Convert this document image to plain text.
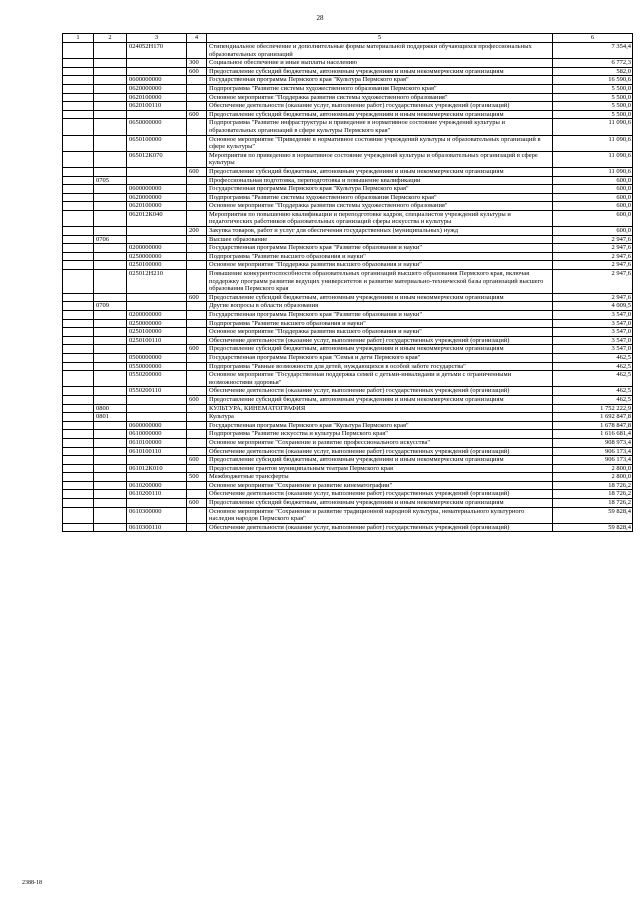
28
1	2	3	4	5	6
		024052Н170		Стипендиальное обеспечение и дополнительные формы материальной поддержки обучающихся профессиональных образовательных организаций	7 354,4
			300	Социальное обеспечение и иные выплаты населению	6 772,3
			600	Предоставление субсидий бюджетным, автономным учреждениям и иным некоммерческим организациям	582,0
		0600000000		Государственная программа Пермского края "Культура Пермского края"	16 590,6
		0620000000		Подпрограмма "Развитие системы художественного образования Пермского края"	5 500,0
		0620100000		Основное мероприятие "Поддержка развития системы художественного образования"	5 500,0
		0620100110		Обеспечение деятельности (оказание услуг, выполнение работ) государственных учреждений (организаций)	5 500,0
			600	Предоставление субсидий бюджетным, автономным учреждениям и иным некоммерческим организациям	5 500,0
		0650000000		Подпрограмма "Развитие инфраструктуры и приведение в нормативное состояние учреждений культуры и образовательных организаций в сфере культуры Пермского края"	11 090,6
		0650100000		Основное мероприятие "Приведение в нормативное состояние учреждений культуры и образовательных организаций в сфере культуры"	11 090,6
		065012К070		Мероприятия по приведению в нормативное состояние учреждений культуры и образовательных организаций в сфере культуры	11 090,6
			600	Предоставление субсидий бюджетным, автономным учреждениям и иным некоммерческим организациям	11 090,6
	0705			Профессиональная подготовка, переподготовка и повышение квалификации	600,0
		0600000000		Государственная программа Пермского края "Культура Пермского края"	600,0
		0620000000		Подпрограмма "Развитие системы художественного образования Пермского края"	600,0
		0620100000		Основное мероприятие "Поддержка развития системы художественного образования"	600,0
		062012К040		Мероприятия по повышению квалификации и переподготовке кадров, специалистов учреждений культуры и педагогических работников образовательных организаций сферы искусства и культуры	600,0
			200	Закупка товаров, работ и услуг для обеспечения государственных (муниципальных) нужд	600,0
	0706			Высшее образование	2 947,6
		0200000000		Государственная программа Пермского края "Развитие образования и науки"	2 947,6
		0250000000		Подпрограмма "Развитие высшего образования и науки"	2 947,6
		0250100000		Основное мероприятие "Поддержка развития высшего образования и науки"	2 947,6
		025012Н210		Повышение конкурентоспособности образовательных организаций высшего образования Пермского края, включая поддержку программ развития ведущих университетов и развитие материально-технической базы организаций высшего образования Пермского края	2 947,6
			600	Предоставление субсидий бюджетным, автономным учреждениям и иным некоммерческим организациям	2 947,6
	0709			Другие вопросы в области образования	4 009,5
		0200000000		Государственная программа Пермского края "Развитие образования и науки"	3 547,0
		0250000000		Подпрограмма "Развитие высшего образования и науки"	3 547,0
		0250100000		Основное мероприятие "Поддержка развития высшего образования и науки"	3 547,0
		0250100110		Обеспечение деятельности (оказание услуг, выполнение работ) государственных учреждений (организаций)	3 547,0
			600	Предоставление субсидий бюджетным, автономным учреждениям и иным некоммерческим организациям	3 547,0
		0500000000		Государственная программа Пермского края "Семья и дети Пермского края"	462,5
		0550000000		Подпрограмма "Равные возможности для детей, нуждающихся в особой заботе государства"	462,5
		0550200000		Основное мероприятие "Государственная поддержка семей с детьми-инвалидами и детьми с ограниченными возможностями здоровья"	462,5
		0550200110		Обеспечение деятельности (оказание услуг, выполнение работ) государственных учреждений (организаций)	462,5
			600	Предоставление субсидий бюджетным, автономным учреждениям и иным некоммерческим организациям	462,5
	0800			КУЛЬТУРА, КИНЕМАТОГРАФИЯ	1 752 222,9
	0801			Культура	1 692 847,8
		0600000000		Государственная программа Пермского края "Культура Пермского края"	1 678 847,8
		0610000000		Подпрограмма "Развитие искусства и культуры Пермского края"	1 616 681,4
		0610100000		Основное мероприятие "Сохранение и развитие профессионального искусства"	908 973,4
		0610100110		Обеспечение деятельности (оказание услуг, выполнение работ) государственных учреждений (организаций)	906 173,4
			600	Предоставление субсидий бюджетным, автономным учреждениям и иным некоммерческим организациям	906 173,4
		061012К010		Предоставление грантов муниципальным театрам Пермского края	2 800,0
			500	Межбюджетные трансферты	2 800,0
		0610200000		Основное мероприятие "Сохранение и развитие кинематографии"	18 726,2
		0610200110		Обеспечение деятельности (оказание услуг, выполнение работ) государственных учреждений (организаций)	18 726,2
			600	Предоставление субсидий бюджетным, автономным учреждениям и иным некоммерческим организациям	18 726,2
		0610300000		Основное мероприятие "Сохранение и развитие традиционной народной культуры, нематериального культурного наследия народов Пермского края"	59 828,4
		0610300110		Обеспечение деятельности (оказание услуг, выполнение работ) государственных учреждений (организаций)	59 828,4
2388-18
